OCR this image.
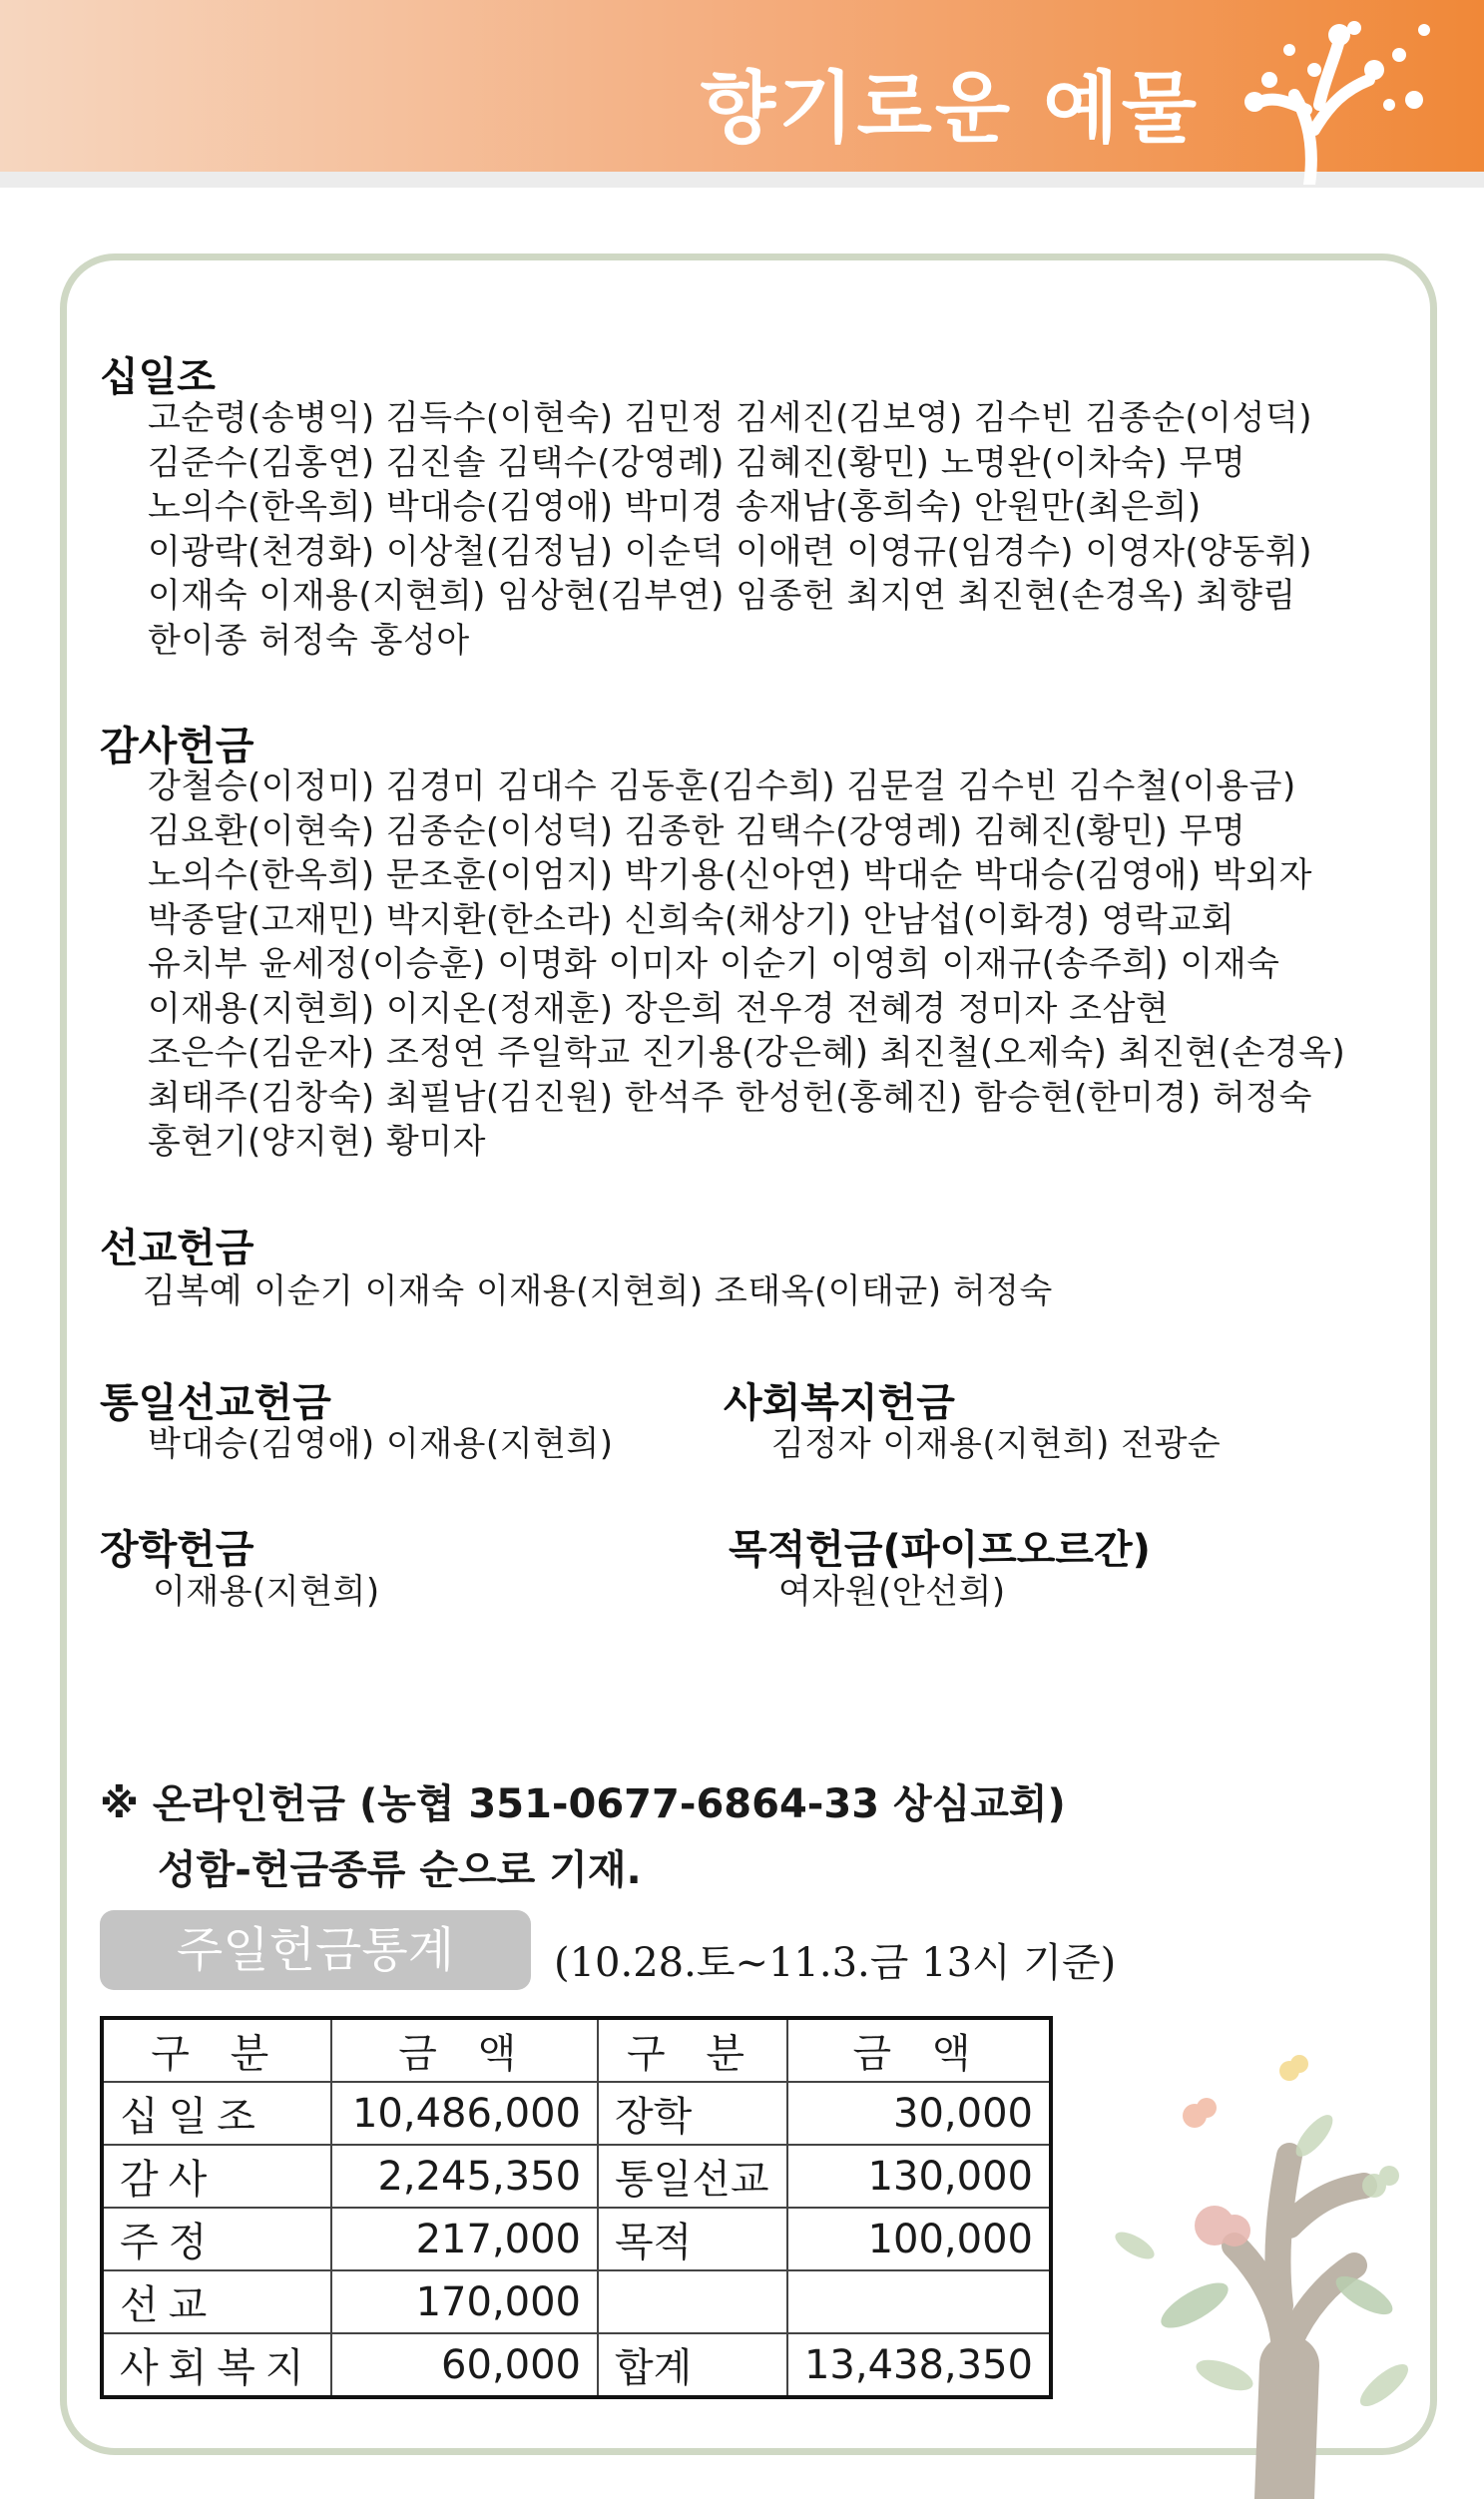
향기로운 예물
십일조
고순령(송병익) 김득수(이현숙) 김민정 김세진(김보영) 김수빈 김종순(이성덕)
김준수(김홍연) 김진솔 김택수(강영례) 김혜진(황민) 노명완(이차숙) 무명
노의수(한옥희) 박대승(김영애) 박미경 송재남(홍희숙) 안원만(최은희)
이광락(천경화) 이상철(김정님) 이순덕 이애련 이영규(임경수) 이영자(양동휘)
이재숙 이재용(지현희) 임상현(김부연) 임종헌 최지연 최진현(손경옥) 최향림
한이종 허정숙 홍성아
감사헌금
강철승(이정미) 김경미 김대수 김동훈(김수희) 김문걸 김수빈 김수철(이용금)
김요환(이현숙) 김종순(이성덕) 김종한 김택수(강영례) 김혜진(황민) 무명
노의수(한옥희) 문조훈(이엄지) 박기용(신아연) 박대순 박대승(김영애) 박외자
박종달(고재민) 박지환(한소라) 신희숙(채상기) 안남섭(이화경) 영락교회
유치부 윤세정(이승훈) 이명화 이미자 이순기 이영희 이재규(송주희) 이재숙
이재용(지현희) 이지온(정재훈) 장은희 전우경 전혜경 정미자 조삼현
조은수(김운자) 조정연 주일학교 진기용(강은혜) 최진철(오제숙) 최진현(손경옥)
최태주(김창숙) 최필남(김진원) 한석주 한성헌(홍혜진) 함승현(한미경) 허정숙
홍현기(양지현) 황미자
선교헌금
김복예 이순기 이재숙 이재용(지현희) 조태옥(이태균) 허정숙
통일선교헌금
박대승(김영애) 이재용(지현희)
사회복지헌금
김정자 이재용(지현희) 전광순
장학헌금
이재용(지현희)
목적헌금(파이프오르간)
여자원(안선희)
※ 온라인헌금 (농협 351-0677-6864-33 상심교회)
성함-헌금종류 순으로 기재.
주일헌금통계	(10.28.토~11.3.금 13시 기준)
구 분	금 액	구 분	금 액
십일조	10,486,000	장학	30,000
감사	2,245,350	통일선교	130,000
주정	217,000	목적	100,000
선교	170,000		
사회복지	60,000	합계	13,438,350
